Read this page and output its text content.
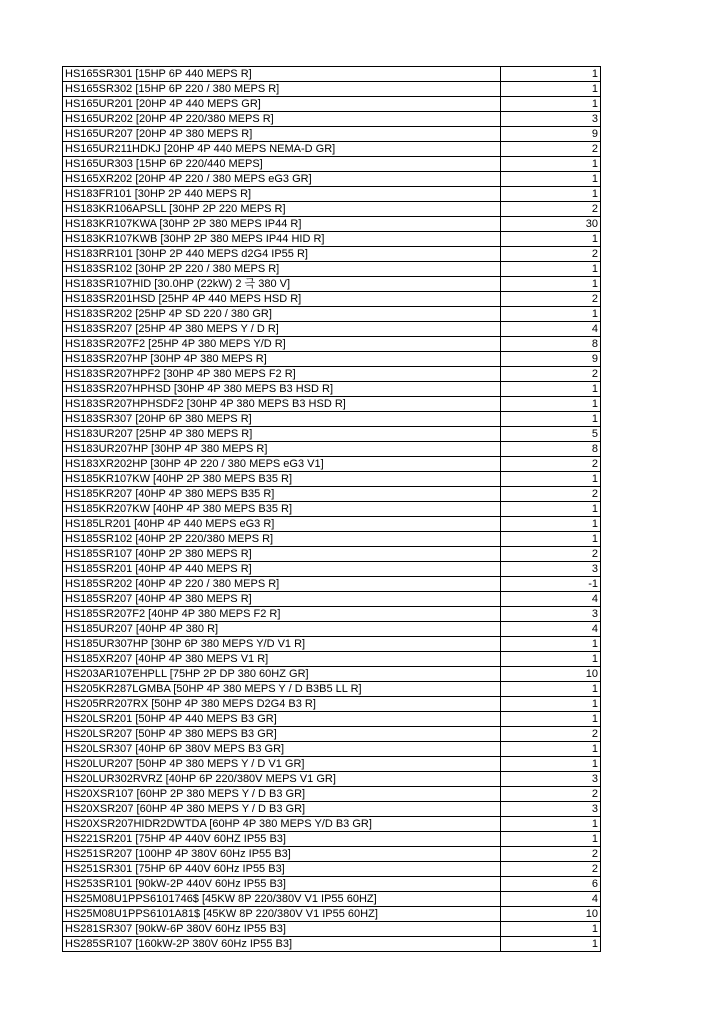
HS165SR301 [15HP 6P 440 MEPS R]	1
HS165SR302 [15HP 6P 220 / 380 MEPS R]	1
HS165UR201 [20HP 4P 440 MEPS GR]	1
HS165UR202 [20HP 4P 220/380 MEPS R]	3
HS165UR207 [20HP 4P 380 MEPS R]	9
HS165UR211HDKJ [20HP 4P 440 MEPS NEMA-D GR]	2
HS165UR303 [15HP 6P 220/440 MEPS]	1
HS165XR202 [20HP 4P 220 / 380 MEPS eG3 GR]	1
HS183FR101 [30HP 2P 440 MEPS R]	1
HS183KR106APSLL [30HP 2P 220 MEPS R]	2
HS183KR107KWA [30HP 2P 380 MEPS IP44 R]	30
HS183KR107KWB [30HP 2P 380 MEPS IP44 HID R]	1
HS183RR101 [30HP 2P 440 MEPS d2G4 IP55 R]	2
HS183SR102 [30HP 2P 220 / 380 MEPS R]	1
HS183SR107HID [30.0HP (22kW) 2 극 380 V]	1
HS183SR201HSD [25HP 4P 440 MEPS HSD R]	2
HS183SR202 [25HP 4P SD 220 / 380 GR]	1
HS183SR207 [25HP 4P 380 MEPS Y / D R]	4
HS183SR207F2 [25HP 4P 380 MEPS Y/D R]	8
HS183SR207HP [30HP 4P 380 MEPS R]	9
HS183SR207HPF2 [30HP 4P 380 MEPS F2 R]	2
HS183SR207HPHSD [30HP 4P 380 MEPS B3 HSD R]	1
HS183SR207HPHSDF2 [30HP 4P 380 MEPS B3 HSD R]	1
HS183SR307 [20HP 6P 380 MEPS R]	1
HS183UR207 [25HP 4P 380 MEPS R]	5
HS183UR207HP [30HP 4P 380 MEPS R]	8
HS183XR202HP [30HP 4P 220 / 380 MEPS eG3 V1]	2
HS185KR107KW [40HP 2P 380 MEPS B35 R]	1
HS185KR207 [40HP 4P 380 MEPS B35 R]	2
HS185KR207KW [40HP 4P 380 MEPS B35 R]	1
HS185LR201 [40HP 4P 440 MEPS eG3 R]	1
HS185SR102 [40HP 2P 220/380 MEPS R]	1
HS185SR107 [40HP 2P 380 MEPS R]	2
HS185SR201 [40HP 4P 440 MEPS R]	3
HS185SR202 [40HP 4P 220 / 380 MEPS R]	-1
HS185SR207 [40HP 4P 380 MEPS R]	4
HS185SR207F2 [40HP 4P 380 MEPS F2 R]	3
HS185UR207 [40HP 4P 380 R]	4
HS185UR307HP [30HP 6P 380 MEPS Y/D V1 R]	1
HS185XR207 [40HP 4P 380 MEPS V1 R]	1
HS203AR107EHPLL [75HP 2P DP 380 60HZ GR]	10
HS205KR287LGMBA [50HP 4P 380 MEPS Y / D B3B5 LL R]	1
HS205RR207RX [50HP 4P 380 MEPS D2G4 B3 R]	1
HS20LSR201 [50HP 4P 440 MEPS B3 GR]	1
HS20LSR207 [50HP 4P 380 MEPS B3 GR]	2
HS20LSR307 [40HP 6P 380V MEPS B3 GR]	1
HS20LUR207 [50HP 4P 380 MEPS Y / D V1 GR]	1
HS20LUR302RVRZ [40HP 6P 220/380V MEPS V1 GR]	3
HS20XSR107 [60HP 2P 380 MEPS Y / D B3 GR]	2
HS20XSR207 [60HP 4P 380 MEPS Y / D B3 GR]	3
HS20XSR207HIDR2DWTDA [60HP 4P 380 MEPS Y/D B3 GR]	1
HS221SR201 [75HP 4P 440V 60HZ IP55 B3]	1
HS251SR207 [100HP 4P 380V 60Hz IP55 B3]	2
HS251SR301 [75HP 6P 440V 60Hz IP55 B3]	2
HS253SR101 [90kW-2P 440V 60Hz IP55 B3]	6
HS25M08U1PPS6101746$ [45KW 8P 220/380V V1 IP55 60HZ]	4
HS25M08U1PPS6101A81$ [45KW 8P 220/380V V1 IP55 60HZ]	10
HS281SR307 [90kW-6P 380V 60Hz IP55 B3]	1
HS285SR107 [160kW-2P 380V 60Hz IP55 B3]	1
